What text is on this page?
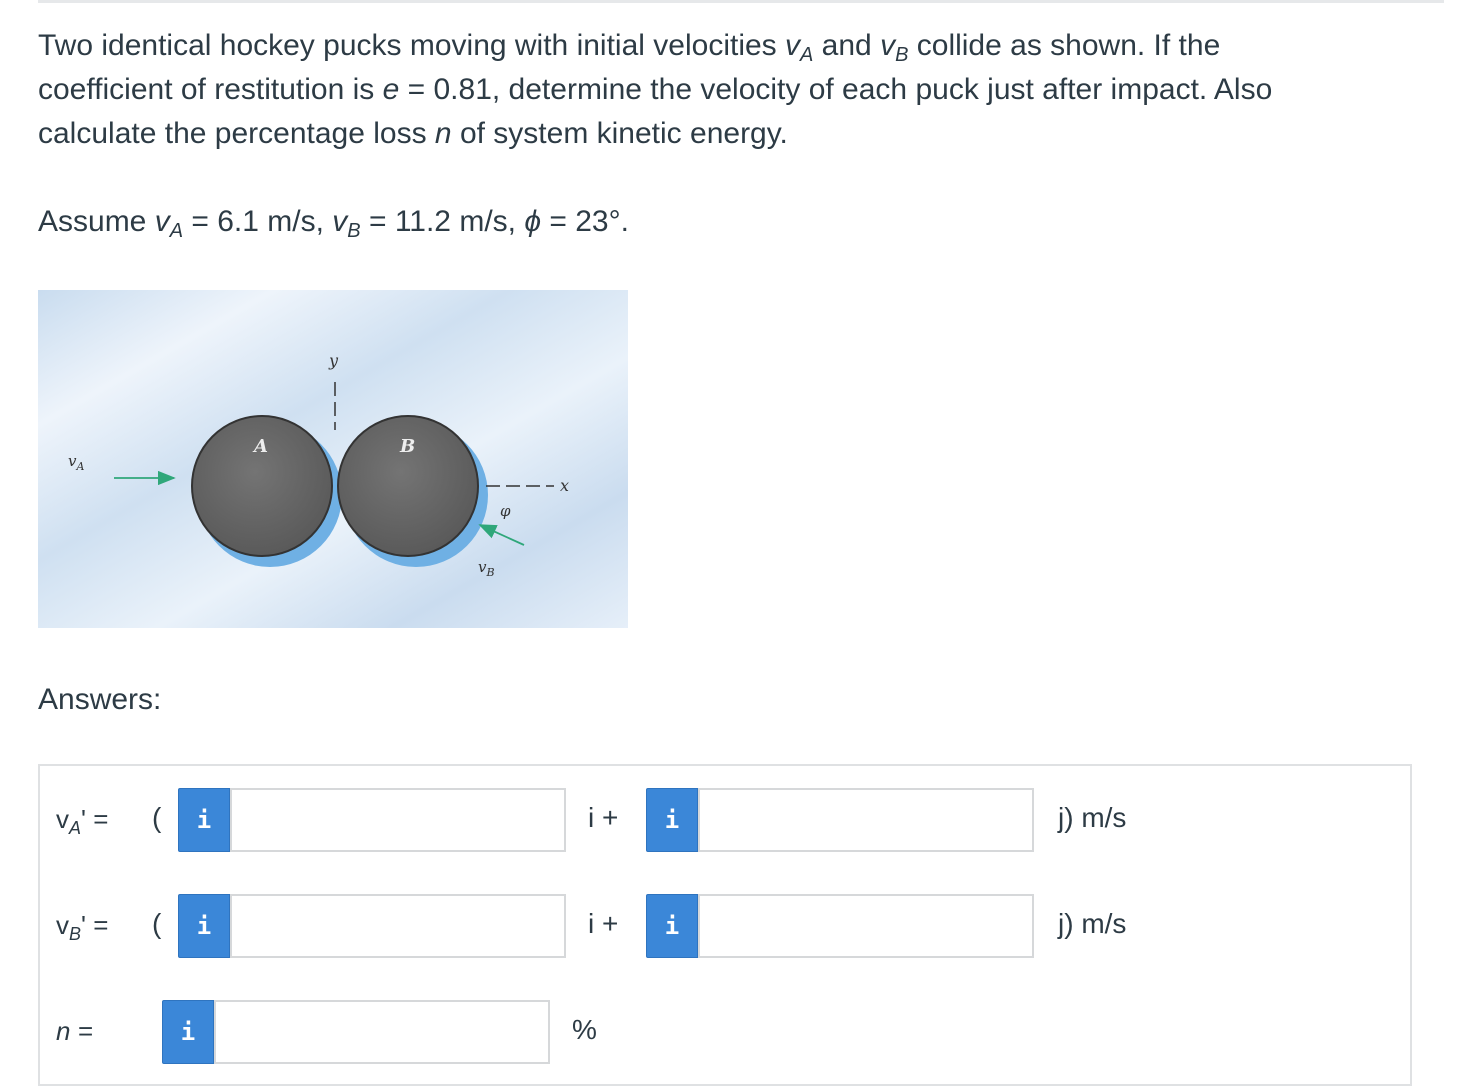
Two identical hockey pucks moving with initial velocities $v_A$ and $v_B$ collide as shown. If the
coefficient of restitution is e = 0.81, determine the velocity of each puck just after impact. Also
calculate the percentage loss n of system kinetic energy.
Assume $v_A = 6.1$ m/s, $v_B = 11.2$ m/s, ϕ = 23°.
y
A	B
x
$v_A$
φ
$v_B$
Answers:
$v_A'$ = (	i	i +	i	j) m/s
$v_B'$ = (	i	i +	i	j) m/s
n =	i	%
